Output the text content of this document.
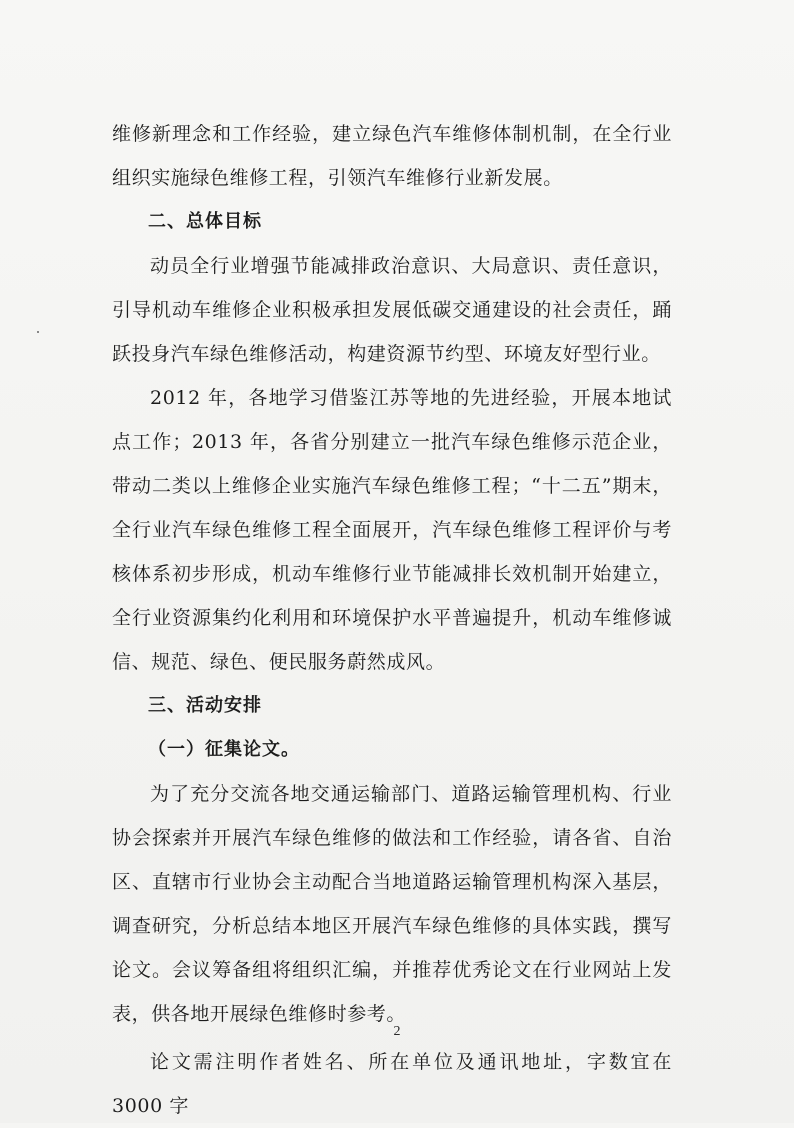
维修新理念和工作经验，建立绿色汽车维修体制机制，在全行业组织实施绿色维修工程，引领汽车维修行业新发展。

二、总体目标

动员全行业增强节能减排政治意识、大局意识、责任意识，引导机动车维修企业积极承担发展低碳交通建设的社会责任，踊跃投身汽车绿色维修活动，构建资源节约型、环境友好型行业。

2012 年，各地学习借鉴江苏等地的先进经验，开展本地试点工作；2013 年，各省分别建立一批汽车绿色维修示范企业，带动二类以上维修企业实施汽车绿色维修工程；“十二五”期末，全行业汽车绿色维修工程全面展开，汽车绿色维修工程评价与考核体系初步形成，机动车维修行业节能减排长效机制开始建立，全行业资源集约化利用和环境保护水平普遍提升，机动车维修诚信、规范、绿色、便民服务蔚然成风。

三、活动安排

（一）征集论文。

为了充分交流各地交通运输部门、道路运输管理机构、行业协会探索并开展汽车绿色维修的做法和工作经验，请各省、自治区、直辖市行业协会主动配合当地道路运输管理机构深入基层，调查研究，分析总结本地区开展汽车绿色维修的具体实践，撰写论文。会议筹备组将组织汇编，并推荐优秀论文在行业网站上发表，供各地开展绿色维修时参考。

论文需注明作者姓名、所在单位及通讯地址，字数宜在 3000 字

2
